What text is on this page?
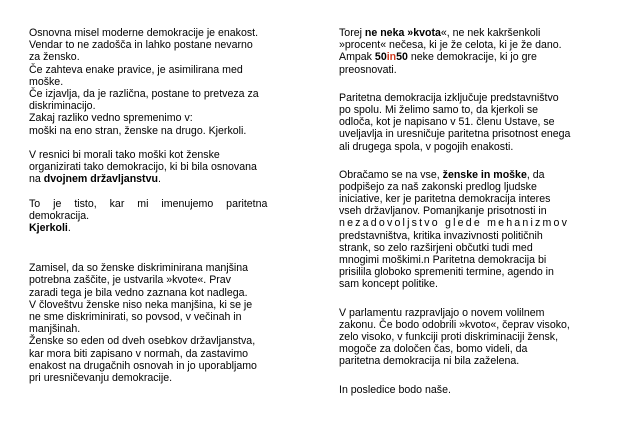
Osnovna misel moderne demokracije je enakost.
Vendar to ne zadošča in lahko postane nevarno
za žensko.
Če zahteva enake pravice, je asimilirana med
moške.
Če izjavlja, da je različna, postane to pretveza za
diskriminacijo.
Zakaj razliko vedno spremenimo v:
moški na eno stran, ženske na drugo. Kjerkoli.
V resnici bi morali tako moški kot ženske
organizirati tako demokracijo, ki bi bila osnovana
na dvojnem državljanstvu.
To je tisto, kar mi imenujemo paritetna
demokracija.
Kjerkoli.
Zamisel, da so ženske diskriminirana manjšina
potrebna zaščite, je ustvarila »kvote«. Prav
zaradi tega je bila vedno zaznana kot nadlega.
V človeštvu ženske niso neka manjšina, ki se je
ne sme diskriminirati, so povsod, v večinah in
manjšinah.
Ženske so eden od dveh osebkov državljanstva,
kar mora biti zapisano v normah, da zastavimo
enakost na drugačnih osnovah in jo uporabljamo
pri uresničevanju demokracije.
Torej ne neka »kvota«, ne nek kakršenkoli
»procent« nečesa, ki je že celota, ki je že dano.
Ampak 50in50 neke demokracije, ki jo gre
preosnovati.
Paritetna demokracija izključuje predstavništvo
po spolu. Mi želimo samo to, da kjerkoli se
odloča, kot je napisano v 51. členu Ustave, se
uveljavlja in uresničuje paritetna prisotnost enega
ali drugega spola, v pogojih enakosti.
Obračamo se na vse, ženske in moške, da
podpišejo za naš zakonski predlog ljudske
iniciative, ker je paritetna demokracija interes
vseh državljanov. Pomanjkanje prisotnosti in
nezadovoljstvo glede mehanizmov
predstavništva, kritika invazivnosti političnih
strank, so zelo razširjeni občutki tudi med
mnogimi moškimi.n Paritetna demokracija bi
prisilila globoko spremeniti termine, agendo in
sam koncept politike.
V parlamentu razpravljajo o novem volilnem
zakonu. Če bodo odobrili »kvoto«, čeprav visoko,
zelo visoko, v funkciji proti diskriminaciji žensk,
mogoče za določen čas, bomo videli, da
paritetna demokracija ni bila zaželena.
In posledice bodo naše.
